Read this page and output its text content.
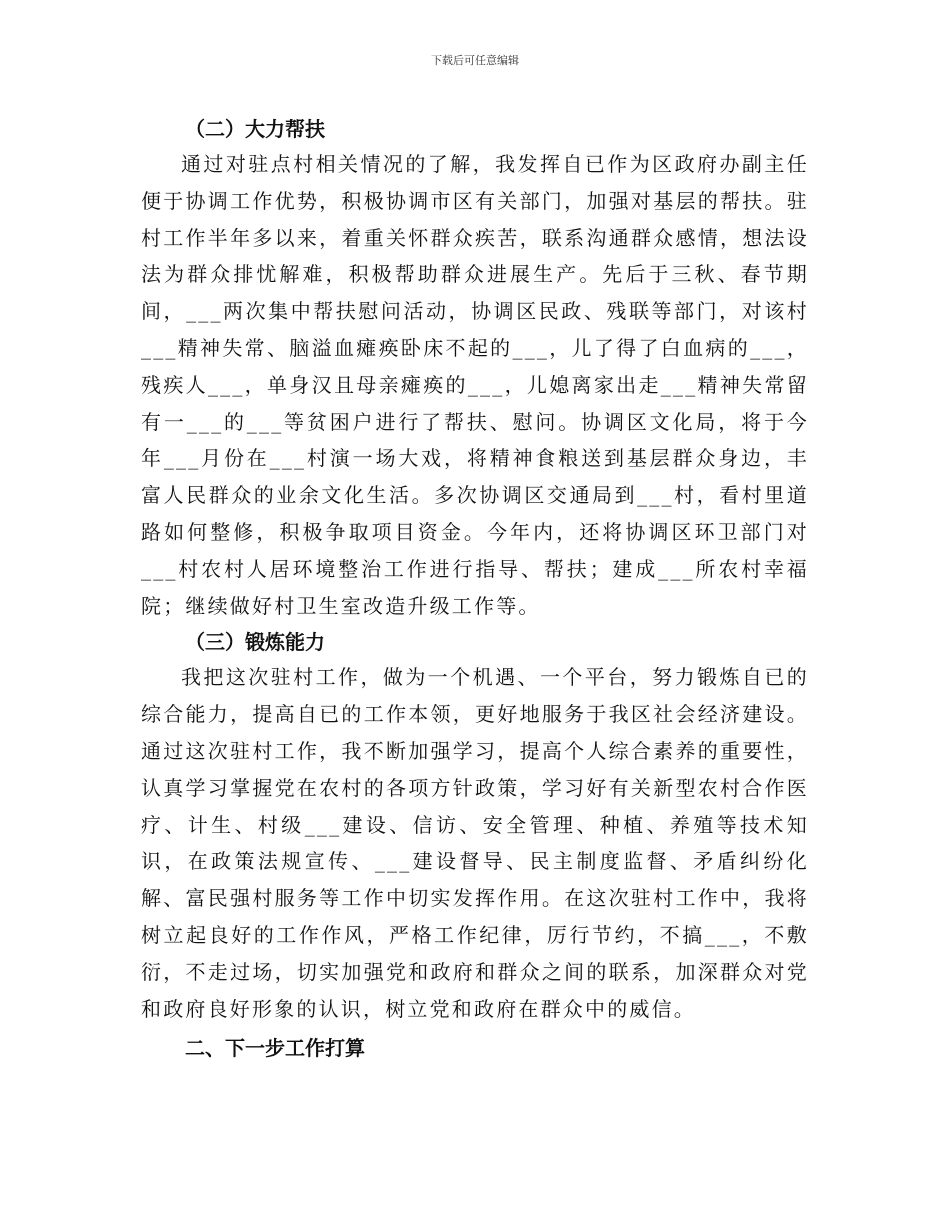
下载后可任意编辑
（二）大力帮扶

通过对驻点村相关情况的了解，我发挥自已作为区政府办副主任便于协调工作优势，积极协调市区有关部门，加强对基层的帮扶。驻村工作半年多以来，着重关怀群众疾苦，联系沟通群众感情，想法设法为群众排忧解难，积极帮助群众进展生产。先后于三秋、春节期间，___两次集中帮扶慰问活动，协调区民政、残联等部门，对该村___精神失常、脑溢血瘫痪卧床不起的___，儿了得了白血病的___，残疾人___，单身汉且母亲瘫痪的___，儿媳离家出走___精神失常留有一___的___等贫困户进行了帮扶、慰问。协调区文化局，将于今年___月份在___村演一场大戏，将精神食粮送到基层群众身边，丰富人民群众的业余文化生活。多次协调区交通局到___村，看村里道路如何整修，积极争取项目资金。今年内，还将协调区环卫部门对___村农村人居环境整治工作进行指导、帮扶；建成___所农村幸福院；继续做好村卫生室改造升级工作等。

（三）锻炼能力

我把这次驻村工作，做为一个机遇、一个平台，努力锻炼自已的综合能力，提高自已的工作本领，更好地服务于我区社会经济建设。通过这次驻村工作，我不断加强学习，提高个人综合素养的重要性，认真学习掌握党在农村的各项方针政策，学习好有关新型农村合作医疗、计生、村级___建设、信访、安全管理、种植、养殖等技术知识，在政策法规宣传、___建设督导、民主制度监督、矛盾纠纷化解、富民强村服务等工作中切实发挥作用。在这次驻村工作中，我将树立起良好的工作作风，严格工作纪律，厉行节约，不搞___，不敷衍，不走过场，切实加强党和政府和群众之间的联系，加深群众对党和政府良好形象的认识，树立党和政府在群众中的威信。

二、下一步工作打算
